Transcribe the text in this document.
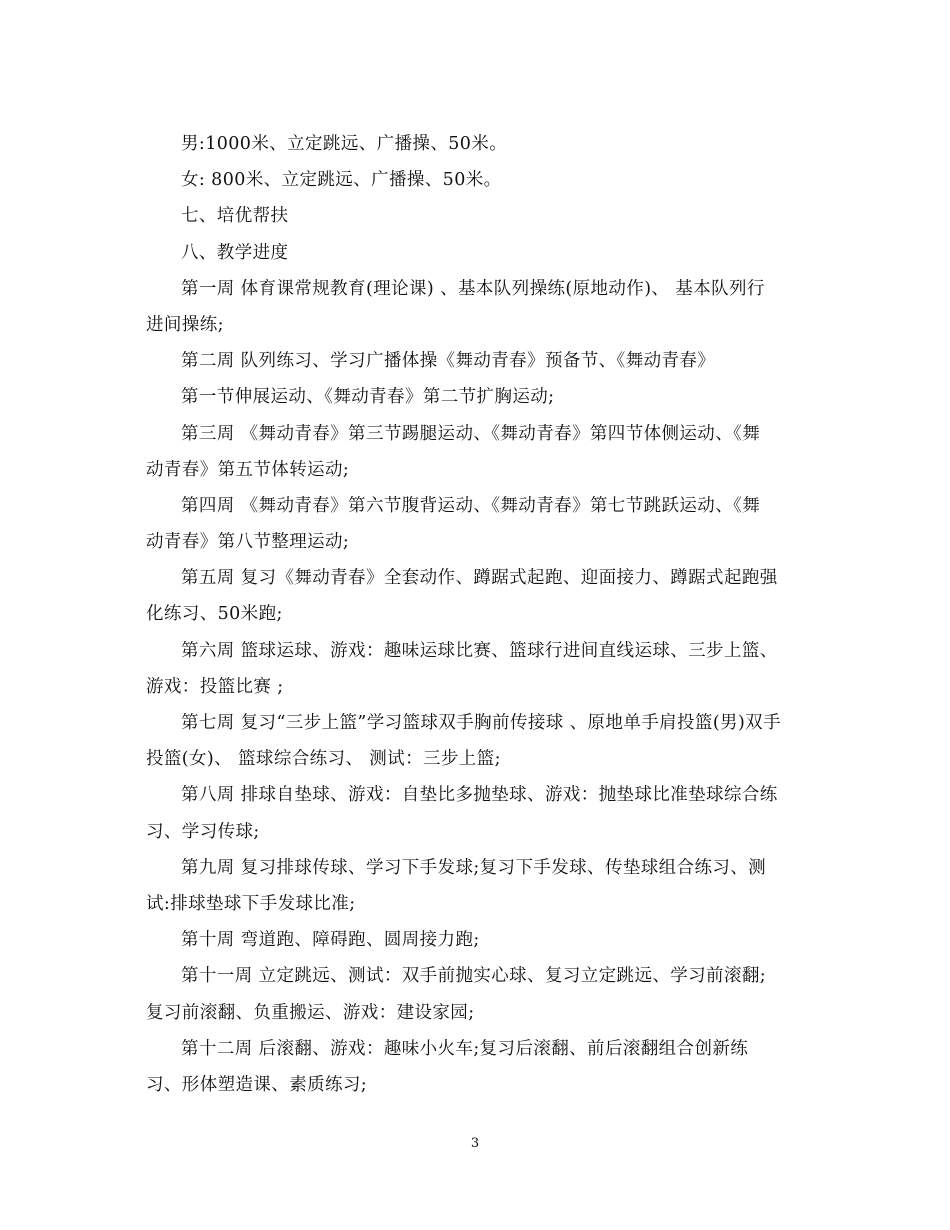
男:1000米、立定跳远、广播操、50米。
女: 800米、立定跳远、广播操、50米。
七、培优帮扶
八、教学进度
第一周 体育课常规教育(理论课) 、基本队列操练(原地动作)、 基本队列行
进间操练;
第二周 队列练习、学习广播体操《舞动青春》预备节、《舞动青春》
第一节伸展运动、《舞动青春》第二节扩胸运动;
第三周 《舞动青春》第三节踢腿运动、《舞动青春》第四节体侧运动、《舞
动青春》第五节体转运动;
第四周 《舞动青春》第六节腹背运动、《舞动青春》第七节跳跃运动、《舞
动青春》第八节整理运动;
第五周 复习《舞动青春》全套动作、蹲踞式起跑、迎面接力、蹲踞式起跑强
化练习、50米跑;
第六周 篮球运球、游戏：趣味运球比赛、篮球行进间直线运球、三步上篮、
游戏：投篮比赛 ;
第七周 复习“三步上篮”学习篮球双手胸前传接球 、原地单手肩投篮(男)双手
投篮(女)、 篮球综合练习、 测试：三步上篮;
第八周 排球自垫球、游戏：自垫比多抛垫球、游戏：抛垫球比准垫球综合练
习、学习传球;
第九周 复习排球传球、学习下手发球;复习下手发球、传垫球组合练习、测
试:排球垫球下手发球比准;
第十周 弯道跑、障碍跑、圆周接力跑;
第十一周 立定跳远、测试：双手前抛实心球、复习立定跳远、学习前滚翻;
复习前滚翻、负重搬运、游戏：建设家园;
第十二周 后滚翻、游戏：趣味小火车;复习后滚翻、前后滚翻组合创新练
习、形体塑造课、素质练习;
3
